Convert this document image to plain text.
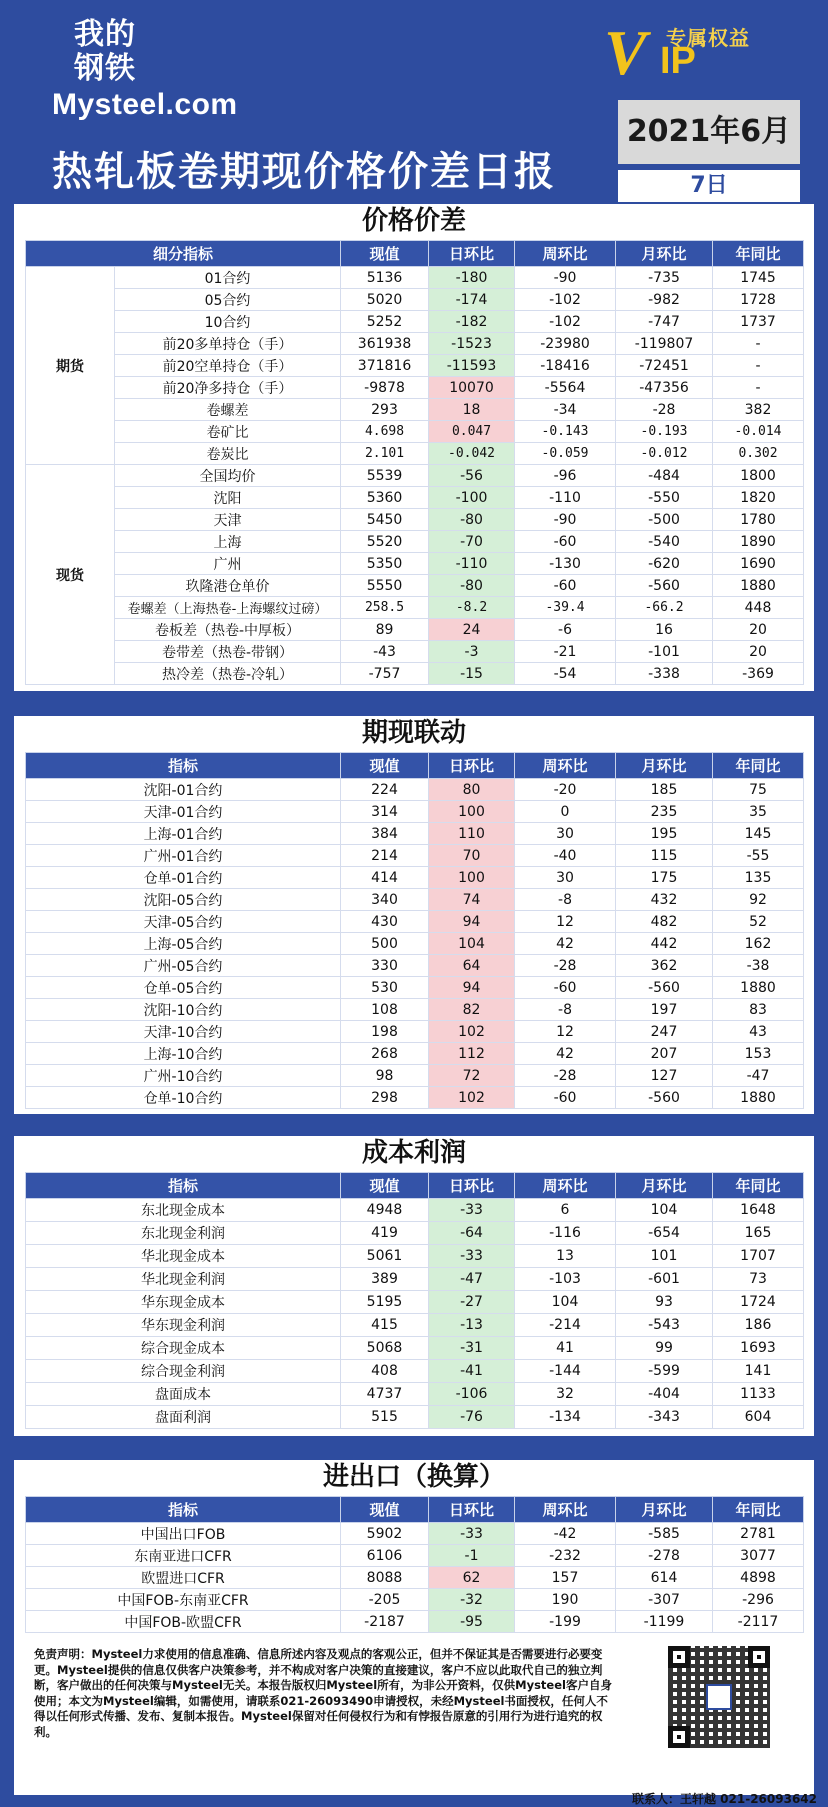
我的钢铁
Mysteel.com
V 专属权益
IP
热轧板卷期现价格价差日报
2021年6月
7日
价格价差
细分指标		现值	日环比	周环比	月环比	年同比
期货	01合约	5136	-180	-90	-735	1745
	05合约	5020	-174	-102	-982	1728
	10合约	5252	-182	-102	-747	1737
	前20多单持仓（手）	361938	-1523	-23980	-119807	-
	前20空单持仓（手）	371816	-11593	-18416	-72451	-
	前20净多持仓（手）	-9878	10070	-5564	-47356	-
	卷螺差	293	18	-34	-28	382
	卷矿比	4.698	0.047	-0.143	-0.193	-0.014
	卷炭比	2.101	-0.042	-0.059	-0.012	0.302
现货	全国均价	5539	-56	-96	-484	1800
	沈阳	5360	-100	-110	-550	1820
	天津	5450	-80	-90	-500	1780
	上海	5520	-70	-60	-540	1890
	广州	5350	-110	-130	-620	1690
	玖隆港仓单价	5550	-80	-60	-560	1880
	卷螺差（上海热卷-上海螺纹过磅）	258.5	-8.2	-39.4	-66.2	448
	卷板差（热卷-中厚板）	89	24	-6	16	20
	卷带差（热卷-带钢）	-43	-3	-21	-101	20
	热冷差（热卷-冷轧）	-757	-15	-54	-338	-369
期现联动
指标	现值	日环比	周环比	月环比	年同比
沈阳-01合约	224	80	-20	185	75
天津-01合约	314	100	0	235	35
上海-01合约	384	110	30	195	145
广州-01合约	214	70	-40	115	-55
仓单-01合约	414	100	30	175	135
沈阳-05合约	340	74	-8	432	92
天津-05合约	430	94	12	482	52
上海-05合约	500	104	42	442	162
广州-05合约	330	64	-28	362	-38
仓单-05合约	530	94	-60	-560	1880
沈阳-10合约	108	82	-8	197	83
天津-10合约	198	102	12	247	43
上海-10合约	268	112	42	207	153
广州-10合约	98	72	-28	127	-47
仓单-10合约	298	102	-60	-560	1880
成本利润
指标	现值	日环比	周环比	月环比	年同比
东北现金成本	4948	-33	6	104	1648
东北现金利润	419	-64	-116	-654	165
华北现金成本	5061	-33	13	101	1707
华北现金利润	389	-47	-103	-601	73
华东现金成本	5195	-27	104	93	1724
华东现金利润	415	-13	-214	-543	186
综合现金成本	5068	-31	41	99	1693
综合现金利润	408	-41	-144	-599	141
盘面成本	4737	-106	32	-404	1133
盘面利润	515	-76	-134	-343	604
进出口（换算）
指标	现值	日环比	周环比	月环比	年同比
中国出口FOB	5902	-33	-42	-585	2781
东南亚进口CFR	6106	-1	-232	-278	3077
欧盟进口CFR	8088	62	157	614	4898
中国FOB-东南亚CFR	-205	-32	190	-307	-296
中国FOB-欧盟CFR	-2187	-95	-199	-1199	-2117
免责声明：Mysteel力求使用的信息准确、信息所述内容及观点的客观公正，但并不保证其是否需要进行必要变更。Mysteel提供的信息仅供客户决策参考，并不构成对客户决策的直接建议，客户不应以此取代自己的独立判断，客户做出的任何决策与Mysteel无关。本报告版权归Mysteel所有，为非公开资料，仅供Mysteel客户自身使用；本文为Mysteel编辑，如需使用，请联系021-26093490申请授权，未经Mysteel书面授权，任何人不得以任何形式传播、发布、复制本报告。Mysteel保留对任何侵权行为和有悖报告原意的引用行为进行追究的权利。
联系人：王轩越 021-26093642
